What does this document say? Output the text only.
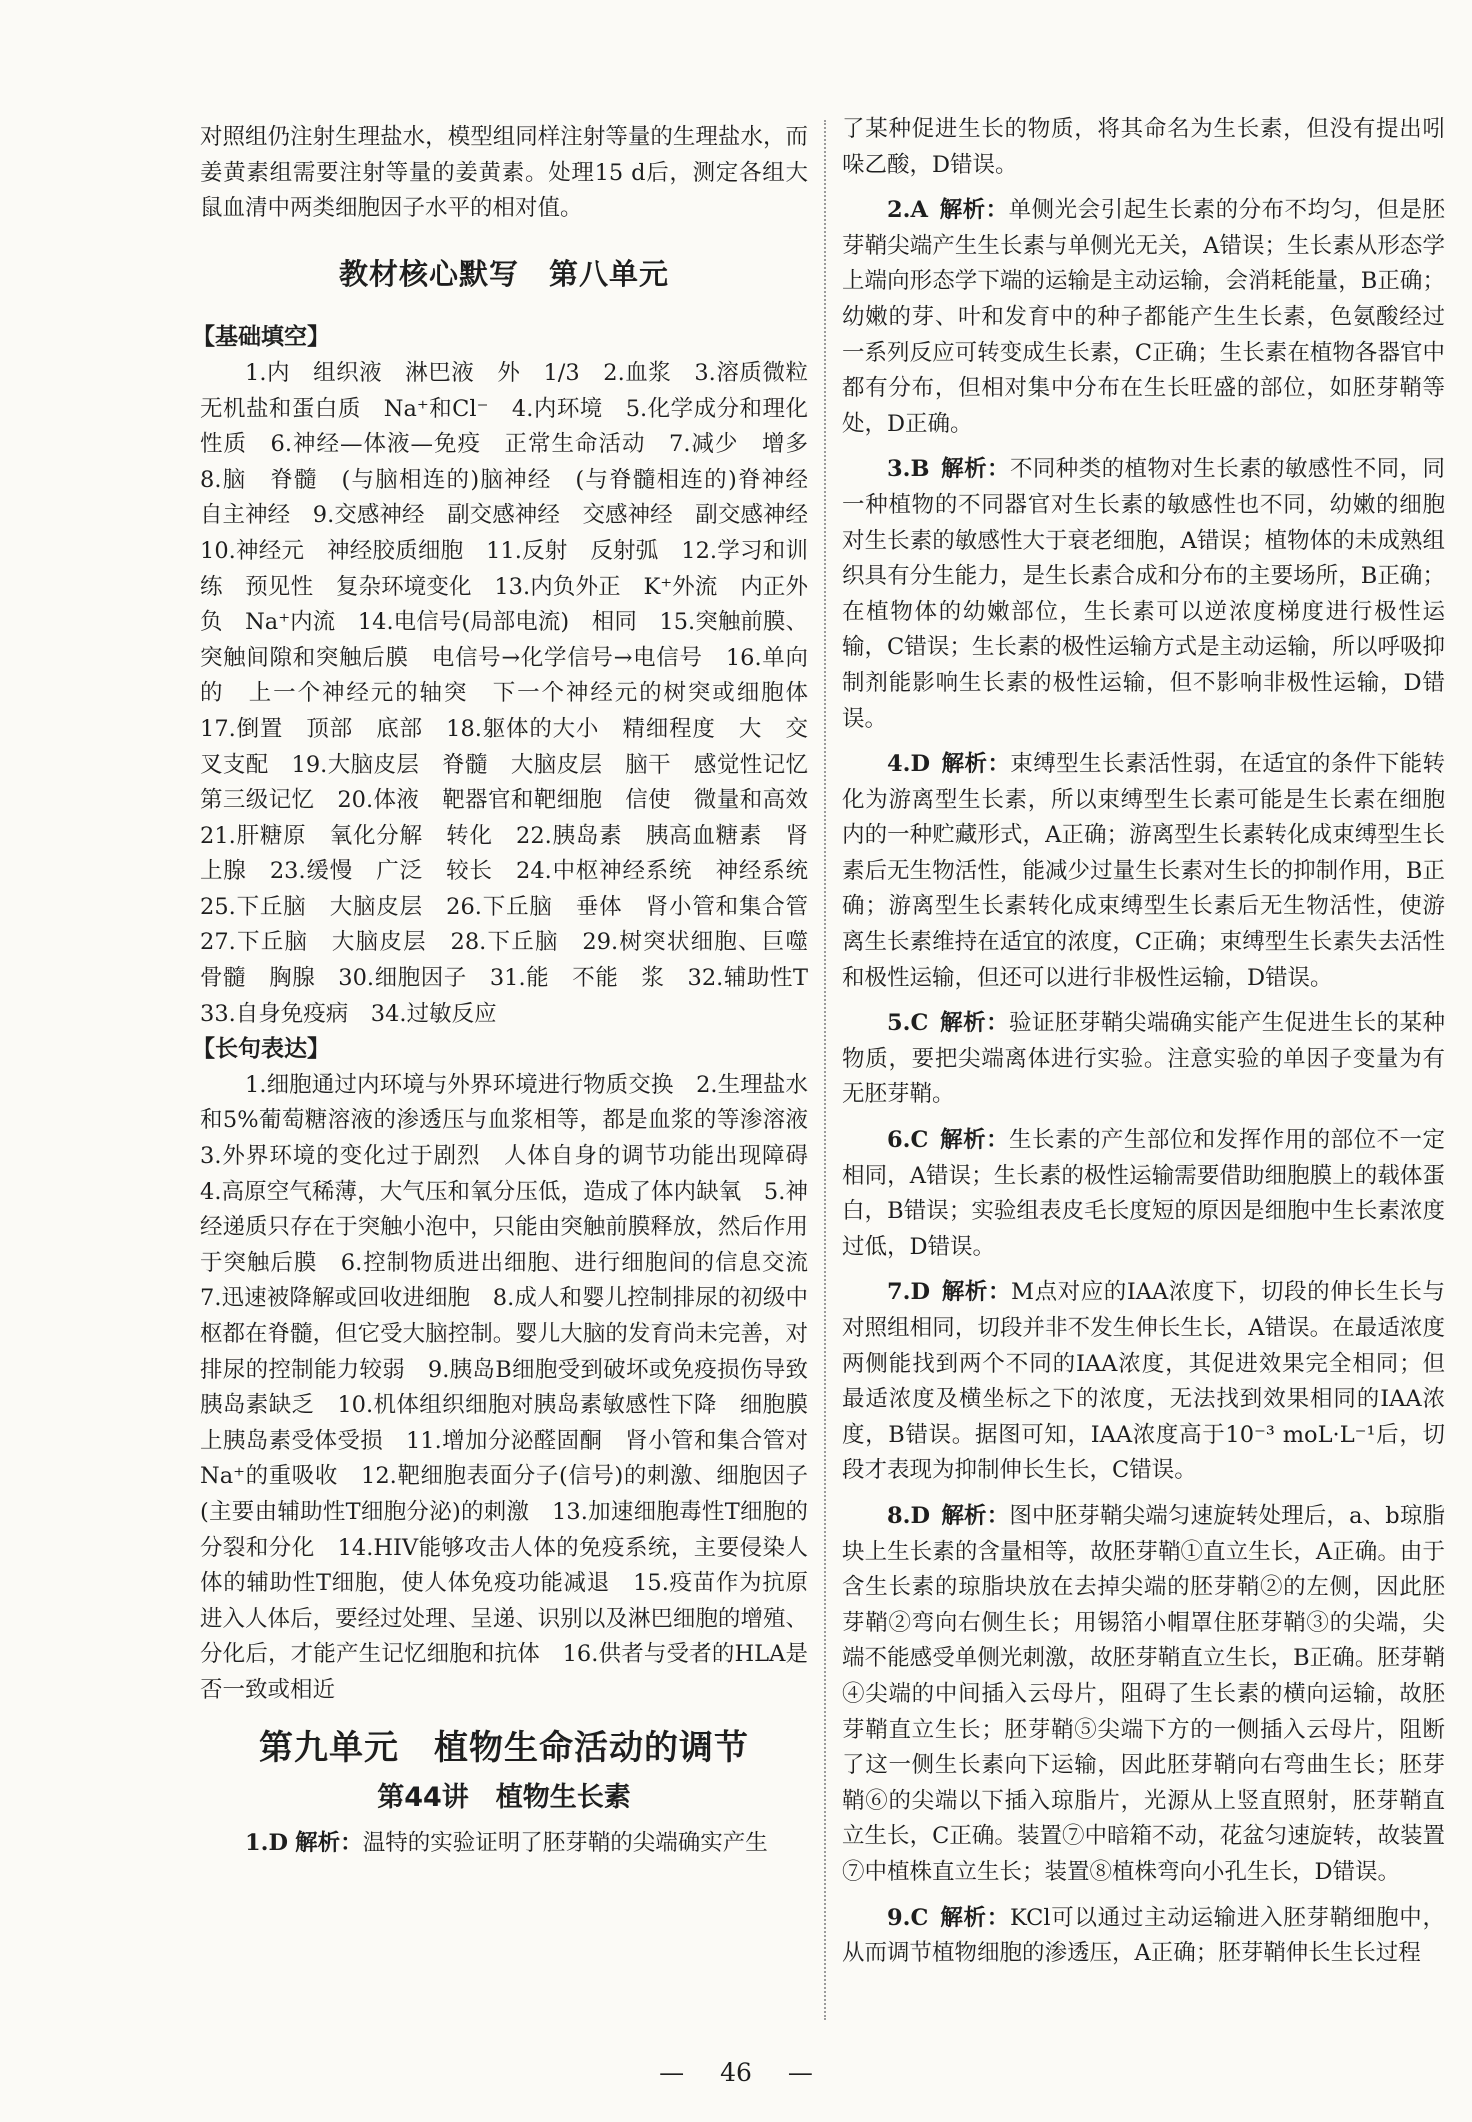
对照组仍注射生理盐水，模型组同样注射等量的生理盐水，而姜黄素组需要注射等量的姜黄素。处理15 d后，测定各组大鼠血清中两类细胞因子水平的相对值。

教材核心默写　第八单元

【基础填空】

1.内　组织液　淋巴液　外　1/3　2.血浆　3.溶质微粒　无机盐和蛋白质　Na⁺和Cl⁻　4.内环境　5.化学成分和理化性质　6.神经—体液—免疫　正常生命活动　7.减少　增多　8.脑　脊髓　(与脑相连的)脑神经　(与脊髓相连的)脊神经　自主神经　9.交感神经　副交感神经　交感神经　副交感神经　10.神经元　神经胶质细胞　11.反射　反射弧　12.学习和训练　预见性　复杂环境变化　13.内负外正　K⁺外流　内正外负　Na⁺内流　14.电信号(局部电流)　相同　15.突触前膜、突触间隙和突触后膜　电信号→化学信号→电信号　16.单向的　上一个神经元的轴突　下一个神经元的树突或细胞体　17.倒置　顶部　底部　18.躯体的大小　精细程度　大　交叉支配　19.大脑皮层　脊髓　大脑皮层　脑干　感觉性记忆　第三级记忆　20.体液　靶器官和靶细胞　信使　微量和高效　21.肝糖原　氧化分解　转化　22.胰岛素　胰高血糖素　肾上腺　23.缓慢　广泛　较长　24.中枢神经系统　神经系统　25.下丘脑　大脑皮层　26.下丘脑　垂体　肾小管和集合管　27.下丘脑　大脑皮层　28.下丘脑　29.树突状细胞、巨噬　骨髓　胸腺　30.细胞因子　31.能　不能　浆　32.辅助性T　33.自身免疫病　34.过敏反应

【长句表达】

1.细胞通过内环境与外界环境进行物质交换　2.生理盐水和5%葡萄糖溶液的渗透压与血浆相等，都是血浆的等渗溶液　3.外界环境的变化过于剧烈　人体自身的调节功能出现障碍　4.高原空气稀薄，大气压和氧分压低，造成了体内缺氧　5.神经递质只存在于突触小泡中，只能由突触前膜释放，然后作用于突触后膜　6.控制物质进出细胞、进行细胞间的信息交流　7.迅速被降解或回收进细胞　8.成人和婴儿控制排尿的初级中枢都在脊髓，但它受大脑控制。婴儿大脑的发育尚未完善，对排尿的控制能力较弱　9.胰岛B细胞受到破坏或免疫损伤导致胰岛素缺乏　10.机体组织细胞对胰岛素敏感性下降　细胞膜上胰岛素受体受损　11.增加分泌醛固酮　肾小管和集合管对Na⁺的重吸收　12.靶细胞表面分子(信号)的刺激、细胞因子(主要由辅助性T细胞分泌)的刺激　13.加速细胞毒性T细胞的分裂和分化　14.HIV能够攻击人体的免疫系统，主要侵染人体的辅助性T细胞，使人体免疫功能减退　15.疫苗作为抗原进入人体后，要经过处理、呈递、识别以及淋巴细胞的增殖、分化后，才能产生记忆细胞和抗体　16.供者与受者的HLA是否一致或相近

第九单元　植物生命活动的调节
第44讲　植物生长素

1.D 解析：温特的实验证明了胚芽鞘的尖端确实产生

了某种促进生长的物质，将其命名为生长素，但没有提出吲哚乙酸，D错误。

2.A  解析：单侧光会引起生长素的分布不均匀，但是胚芽鞘尖端产生生长素与单侧光无关，A错误；生长素从形态学上端向形态学下端的运输是主动运输，会消耗能量，B正确；幼嫩的芽、叶和发育中的种子都能产生生长素，色氨酸经过一系列反应可转变成生长素，C正确；生长素在植物各器官中都有分布，但相对集中分布在生长旺盛的部位，如胚芽鞘等处，D正确。

3.B  解析：不同种类的植物对生长素的敏感性不同，同一种植物的不同器官对生长素的敏感性也不同，幼嫩的细胞对生长素的敏感性大于衰老细胞，A错误；植物体的未成熟组织具有分生能力，是生长素合成和分布的主要场所，B正确；在植物体的幼嫩部位，生长素可以逆浓度梯度进行极性运输，C错误；生长素的极性运输方式是主动运输，所以呼吸抑制剂能影响生长素的极性运输，但不影响非极性运输，D错误。

4.D  解析：束缚型生长素活性弱，在适宜的条件下能转化为游离型生长素，所以束缚型生长素可能是生长素在细胞内的一种贮藏形式，A正确；游离型生长素转化成束缚型生长素后无生物活性，能减少过量生长素对生长的抑制作用，B正确；游离型生长素转化成束缚型生长素后无生物活性，使游离生长素维持在适宜的浓度，C正确；束缚型生长素失去活性和极性运输，但还可以进行非极性运输，D错误。

5.C  解析：验证胚芽鞘尖端确实能产生促进生长的某种物质，要把尖端离体进行实验。注意实验的单因子变量为有无胚芽鞘。

6.C  解析：生长素的产生部位和发挥作用的部位不一定相同，A错误；生长素的极性运输需要借助细胞膜上的载体蛋白，B错误；实验组表皮毛长度短的原因是细胞中生长素浓度过低，D错误。

7.D  解析：M点对应的IAA浓度下，切段的伸长生长与对照组相同，切段并非不发生伸长生长，A错误。在最适浓度两侧能找到两个不同的IAA浓度，其促进效果完全相同；但最适浓度及横坐标之下的浓度，无法找到效果相同的IAA浓度，B错误。据图可知，IAA浓度高于10⁻³ moL·L⁻¹后，切段才表现为抑制伸长生长，C错误。

8.D  解析：图中胚芽鞘尖端匀速旋转处理后，a、b琼脂块上生长素的含量相等，故胚芽鞘①直立生长，A正确。由于含生长素的琼脂块放在去掉尖端的胚芽鞘②的左侧，因此胚芽鞘②弯向右侧生长；用锡箔小帽罩住胚芽鞘③的尖端，尖端不能感受单侧光刺激，故胚芽鞘直立生长，B正确。胚芽鞘④尖端的中间插入云母片，阻碍了生长素的横向运输，故胚芽鞘直立生长；胚芽鞘⑤尖端下方的一侧插入云母片，阻断了这一侧生长素向下运输，因此胚芽鞘向右弯曲生长；胚芽鞘⑥的尖端以下插入琼脂片，光源从上竖直照射，胚芽鞘直立生长，C正确。装置⑦中暗箱不动，花盆匀速旋转，故装置⑦中植株直立生长；装置⑧植株弯向小孔生长，D错误。

9.C  解析：KCl可以通过主动运输进入胚芽鞘细胞中，从而调节植物细胞的渗透压，A正确；胚芽鞘伸长生长过程

— 46 —
